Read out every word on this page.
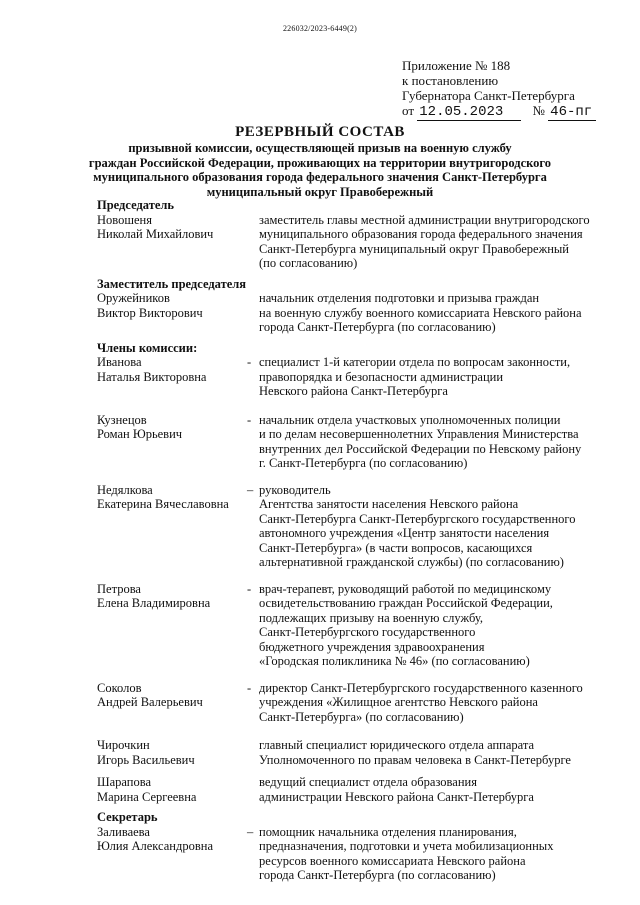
226032/2023-6449(2)
Приложение № 188
к постановлению
Губернатора Санкт-Петербурга
от 12.05.2023 № 46-пг
РЕЗЕРВНЫЙ СОСТАВ
призывной комиссии, осуществляющей призыв на военную службу
граждан Российской Федерации, проживающих на территории внутригородского
муниципального образования города федерального значения Санкт-Петербурга
муниципальный округ Правобережный
Председатель
Новошеня
Николай Михайлович
заместитель главы местной администрации внутригородского
муниципального образования города федерального значения
Санкт-Петербурга муниципальный округ Правобережный
(по согласованию)
Заместитель председателя
Оружейников
Виктор Викторович
начальник отделения подготовки и призыва граждан
на военную службу военного комиссариата Невского района
города Санкт-Петербурга (по согласованию)
Члены комиссии:
Иванова
Наталья Викторовна
- специалист 1-й категории отдела по вопросам законности,
правопорядка и безопасности администрации
Невского района Санкт-Петербурга
Кузнецов
Роман Юрьевич
- начальник отдела участковых уполномоченных полиции
и по делам несовершеннолетних Управления Министерства
внутренних дел Российской Федерации по Невскому району
г. Санкт-Петербурга (по согласованию)
Недялкова
Екатерина Вячеславовна
– руководитель
Агентства занятости населения Невского района
Санкт-Петербурга Санкт-Петербургского государственного
автономного учреждения «Центр занятости населения
Санкт-Петербурга» (в части вопросов, касающихся
альтернативной гражданской службы) (по согласованию)
Петрова
Елена Владимировна
- врач-терапевт, руководящий работой по медицинскому
освидетельствованию граждан Российской Федерации,
подлежащих призыву на военную службу,
Санкт-Петербургского государственного
бюджетного учреждения здравоохранения
«Городская поликлиника № 46» (по согласованию)
Соколов
Андрей Валерьевич
- директор Санкт-Петербургского государственного казенного
учреждения «Жилищное агентство Невского района
Санкт-Петербурга» (по согласованию)
Чирочкин
Игорь Васильевич
главный специалист юридического отдела аппарата
Уполномоченного по правам человека в Санкт-Петербурге
Шарапова
Марина Сергеевна
ведущий специалист отдела образования
администрации Невского района Санкт-Петербурга
Секретарь
Заливаева
Юлия Александровна
– помощник начальника отделения планирования,
предназначения, подготовки и учета мобилизационных
ресурсов военного комиссариата Невского района
города Санкт-Петербурга (по согласованию)
